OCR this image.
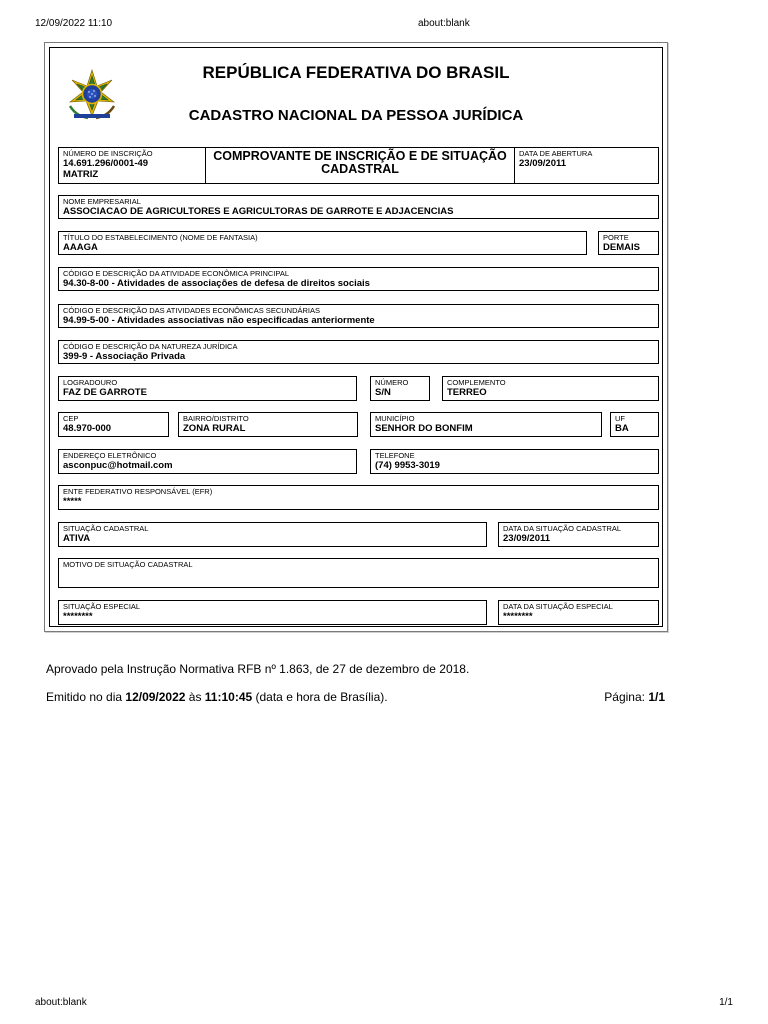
12/09/2022 11:10	about:blank
REPÚBLICA FEDERATIVA DO BRASIL
CADASTRO NACIONAL DA PESSOA JURÍDICA
NÚMERO DE INSCRIÇÃO
14.691.296/0001-49
MATRIZ
COMPROVANTE DE INSCRIÇÃO E DE SITUAÇÃO CADASTRAL
DATA DE ABERTURA
23/09/2011
NOME EMPRESARIAL
ASSOCIACAO DE AGRICULTORES E AGRICULTORAS DE GARROTE E ADJACENCIAS
TÍTULO DO ESTABELECIMENTO (NOME DE FANTASIA)
AAAGA
PORTE
DEMAIS
CÓDIGO E DESCRIÇÃO DA ATIVIDADE ECONÔMICA PRINCIPAL
94.30-8-00 - Atividades de associações de defesa de direitos sociais
CÓDIGO E DESCRIÇÃO DAS ATIVIDADES ECONÔMICAS SECUNDÁRIAS
94.99-5-00 - Atividades associativas não especificadas anteriormente
CÓDIGO E DESCRIÇÃO DA NATUREZA JURÍDICA
399-9 - Associação Privada
LOGRADOURO
FAZ DE GARROTE
NÚMERO
S/N
COMPLEMENTO
TERREO
CEP
48.970-000
BAIRRO/DISTRITO
ZONA RURAL
MUNICÍPIO
SENHOR DO BONFIM
UF
BA
ENDEREÇO ELETRÔNICO
asconpuc@hotmail.com
TELEFONE
(74) 9953-3019
ENTE FEDERATIVO RESPONSÁVEL (EFR)
*****
SITUAÇÃO CADASTRAL
ATIVA
DATA DA SITUAÇÃO CADASTRAL
23/09/2011
MOTIVO DE SITUAÇÃO CADASTRAL
SITUAÇÃO ESPECIAL
********
DATA DA SITUAÇÃO ESPECIAL
********
Aprovado pela Instrução Normativa RFB nº 1.863, de 27 de dezembro de 2018.
Emitido no dia 12/09/2022 às 11:10:45 (data e hora de Brasília).	Página: 1/1
about:blank	1/1
